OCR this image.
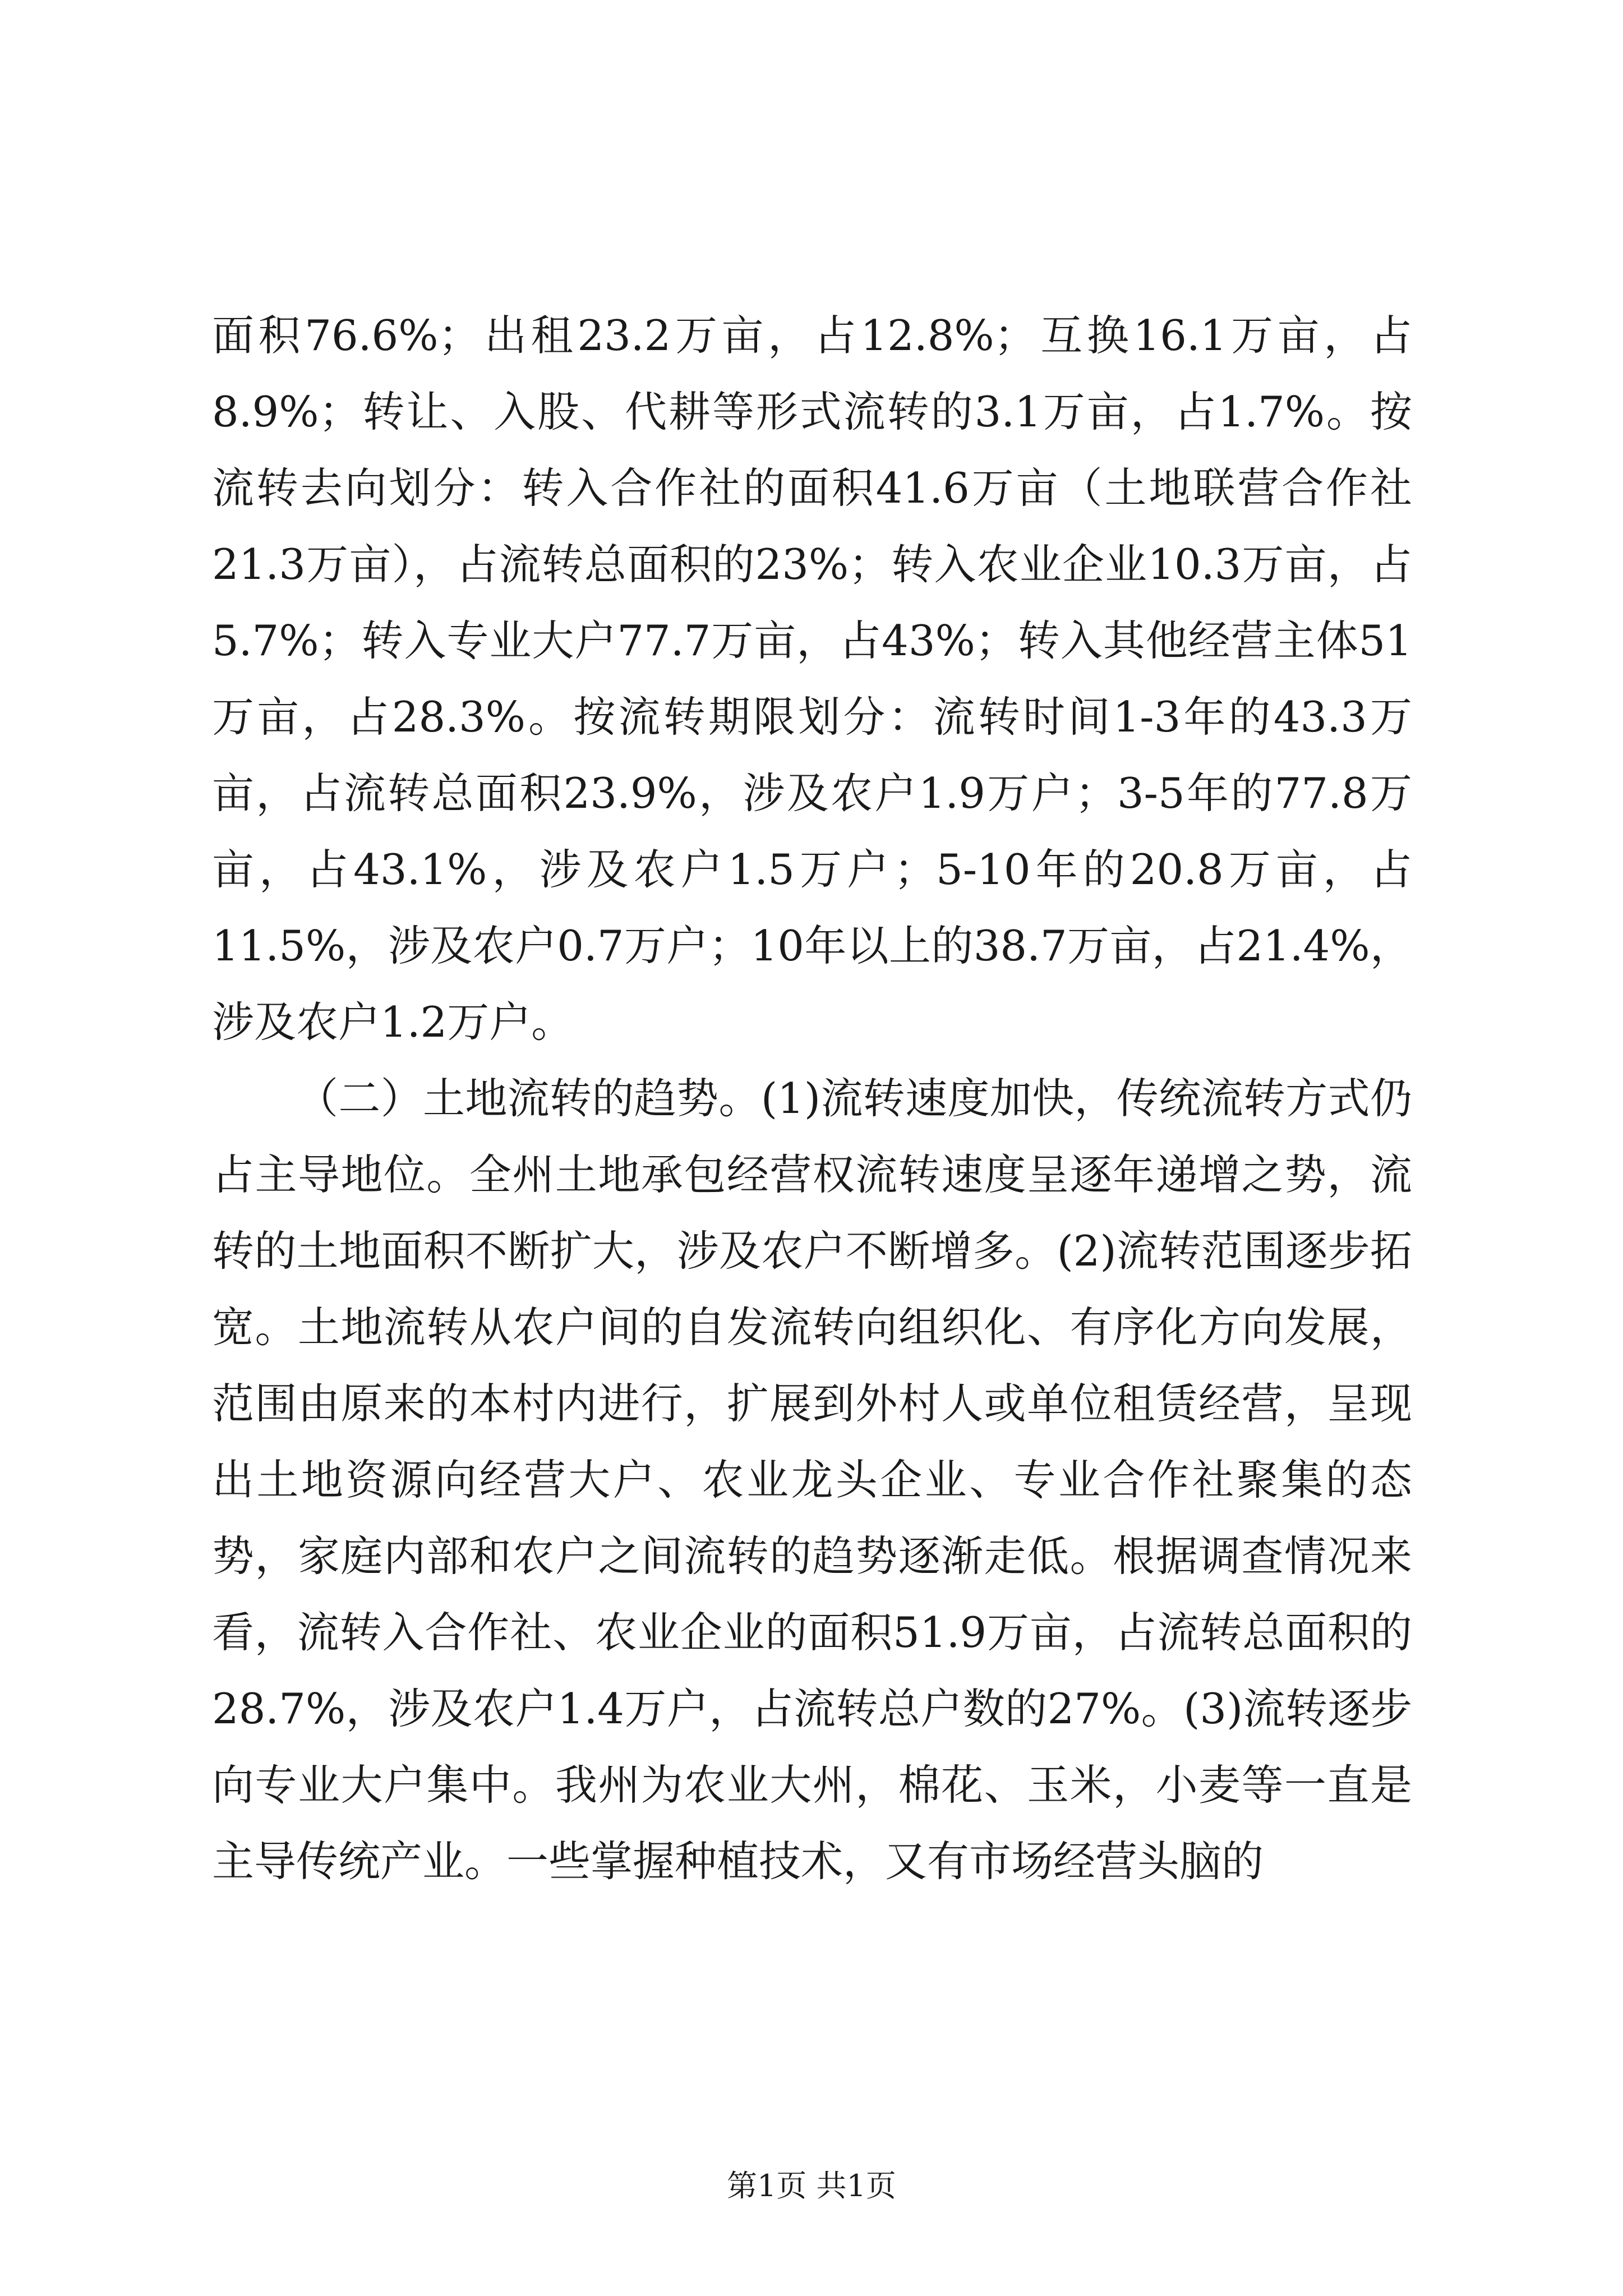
面积76.6%；出租23.2万亩，占12.8%；互换16.1万亩，占8.9%；转让、入股、代耕等形式流转的3.1万亩，占1.7%。按流转去向划分：转入合作社的面积41.6万亩（土地联营合作社21.3万亩），占流转总面积的23%；转入农业企业10.3万亩，占5.7%；转入专业大户77.7万亩，占43%；转入其他经营主体51万亩，占28.3%。按流转期限划分：流转时间1-3年的43.3万亩，占流转总面积23.9%，涉及农户1.9万户；3-5年的77.8万亩，占43.1%，涉及农户1.5万户；5-10年的20.8万亩，占11.5%，涉及农户0.7万户；10年以上的38.7万亩，占21.4%，涉及农户1.2万户。

（二）土地流转的趋势。(1)流转速度加快，传统流转方式仍占主导地位。全州土地承包经营权流转速度呈逐年递增之势，流转的土地面积不断扩大，涉及农户不断增多。(2)流转范围逐步拓宽。土地流转从农户间的自发流转向组织化、有序化方向发展，范围由原来的本村内进行，扩展到外村人或单位租赁经营，呈现出土地资源向经营大户、农业龙头企业、专业合作社聚集的态势，家庭内部和农户之间流转的趋势逐渐走低。根据调查情况来看，流转入合作社、农业企业的面积51.9万亩，占流转总面积的28.7%，涉及农户1.4万户，占流转总户数的27%。(3)流转逐步向专业大户集中。我州为农业大州，棉花、玉米，小麦等一直是主导传统产业。一些掌握种植技术，又有市场经营头脑的

第1页 共1页
